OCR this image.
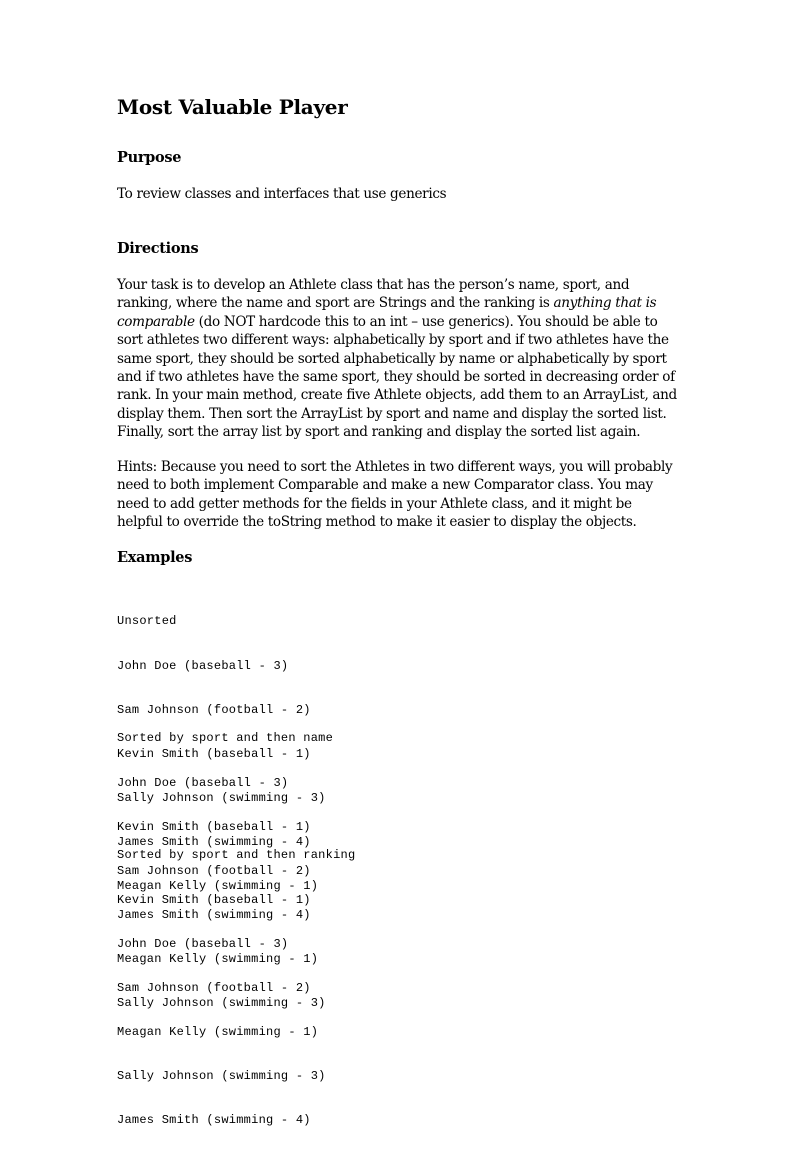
Most Valuable Player
Purpose

To review classes and interfaces that use generics

Directions

Your task is to develop an Athlete class that has the person’s name, sport, and
ranking, where the name and sport are Strings and the ranking is anything that is
comparable (do NOT hardcode this to an int – use generics). You should be able to
sort athletes two different ways: alphabetically by sport and if two athletes have the
same sport, they should be sorted alphabetically by name or alphabetically by sport
and if two athletes have the same sport, they should be sorted in decreasing order of
rank. In your main method, create five Athlete objects, add them to an ArrayList, and
display them. Then sort the ArrayList by sport and name and display the sorted list.
Finally, sort the array list by sport and ranking and display the sorted list again.

Hints: Because you need to sort the Athletes in two different ways, you will probably
need to both implement Comparable and make a new Comparator class. You may
need to add getter methods for the fields in your Athlete class, and it might be
helpful to override the toString method to make it easier to display the objects.

Examples

Unsorted

John Doe (baseball - 3)

Sam Johnson (football - 2)

Kevin Smith (baseball - 1)

Sally Johnson (swimming - 3)

James Smith (swimming - 4)

Meagan Kelly (swimming - 1)

Sorted by sport and then name

John Doe (baseball - 3)

Kevin Smith (baseball - 1)

Sam Johnson (football - 2)

James Smith (swimming - 4)

Meagan Kelly (swimming - 1)

Sally Johnson (swimming - 3)

Sorted by sport and then ranking

Kevin Smith (baseball - 1)

John Doe (baseball - 3)

Sam Johnson (football - 2)

Meagan Kelly (swimming - 1)

Sally Johnson (swimming - 3)

James Smith (swimming - 4)
